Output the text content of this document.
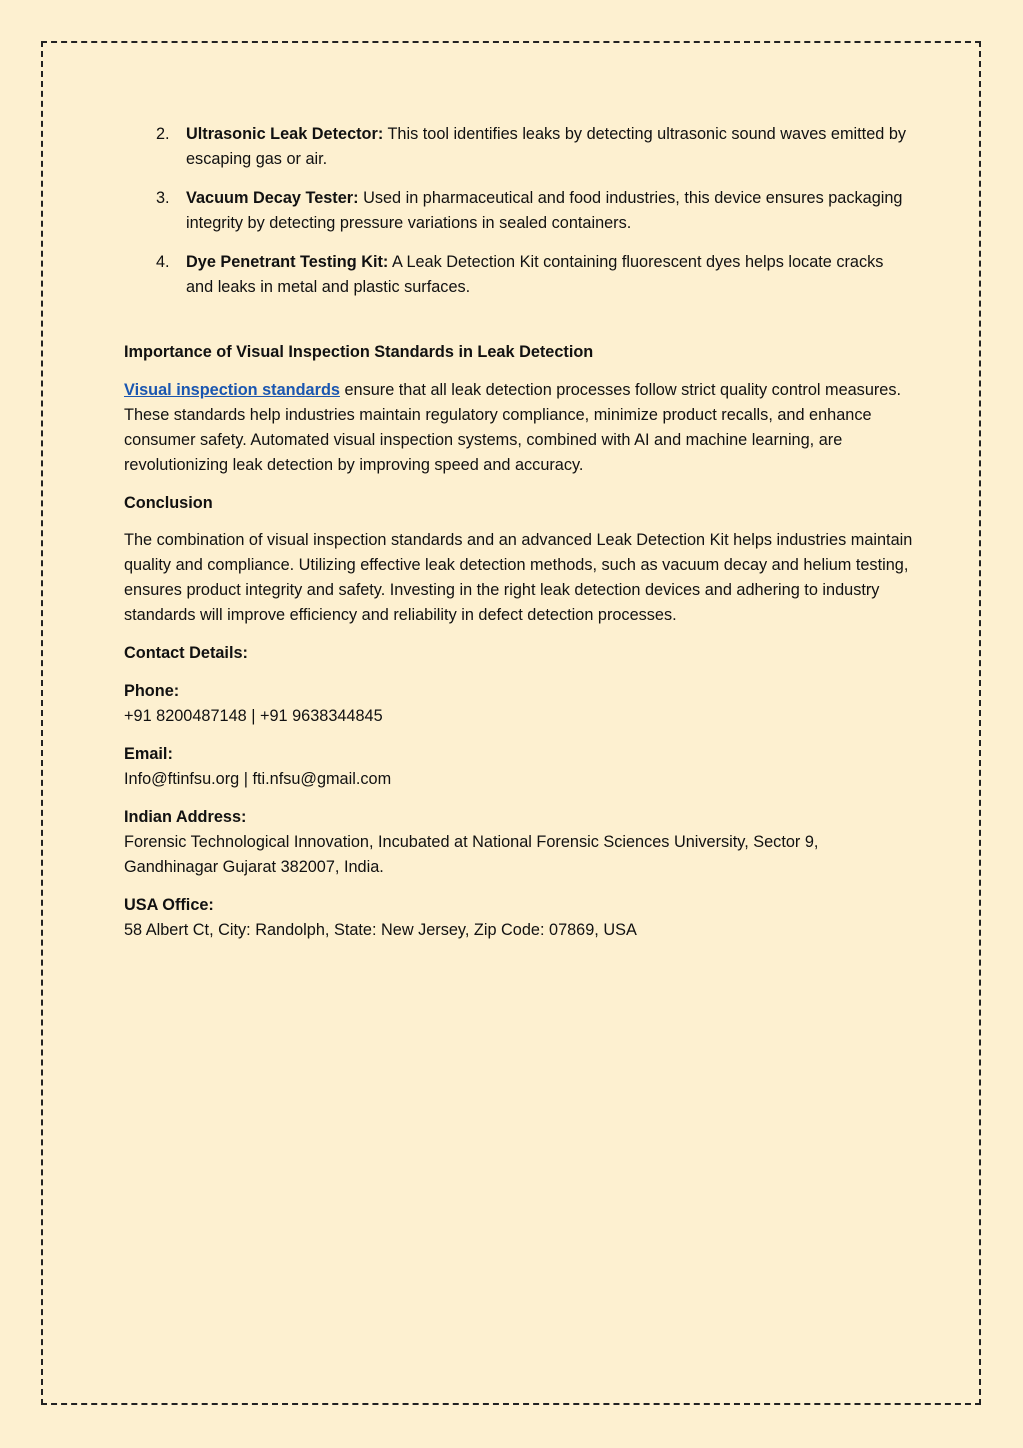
2. Ultrasonic Leak Detector: This tool identifies leaks by detecting ultrasonic sound waves emitted by escaping gas or air.
3. Vacuum Decay Tester: Used in pharmaceutical and food industries, this device ensures packaging integrity by detecting pressure variations in sealed containers.
4. Dye Penetrant Testing Kit: A Leak Detection Kit containing fluorescent dyes helps locate cracks and leaks in metal and plastic surfaces.
Importance of Visual Inspection Standards in Leak Detection

Visual inspection standards ensure that all leak detection processes follow strict quality control measures. These standards help industries maintain regulatory compliance, minimize product recalls, and enhance consumer safety. Automated visual inspection systems, combined with AI and machine learning, are revolutionizing leak detection by improving speed and accuracy.

Conclusion

The combination of visual inspection standards and an advanced Leak Detection Kit helps industries maintain quality and compliance. Utilizing effective leak detection methods, such as vacuum decay and helium testing, ensures product integrity and safety. Investing in the right leak detection devices and adhering to industry standards will improve efficiency and reliability in defect detection processes.

Contact Details:
Phone:
+91 8200487148 | +91 9638344845
Email:
Info@ftinfsu.org | fti.nfsu@gmail.com
Indian Address:
Forensic Technological Innovation, Incubated at National Forensic Sciences University, Sector 9, Gandhinagar Gujarat 382007, India.
USA Office:
58 Albert Ct, City: Randolph, State: New Jersey, Zip Code: 07869, USA
